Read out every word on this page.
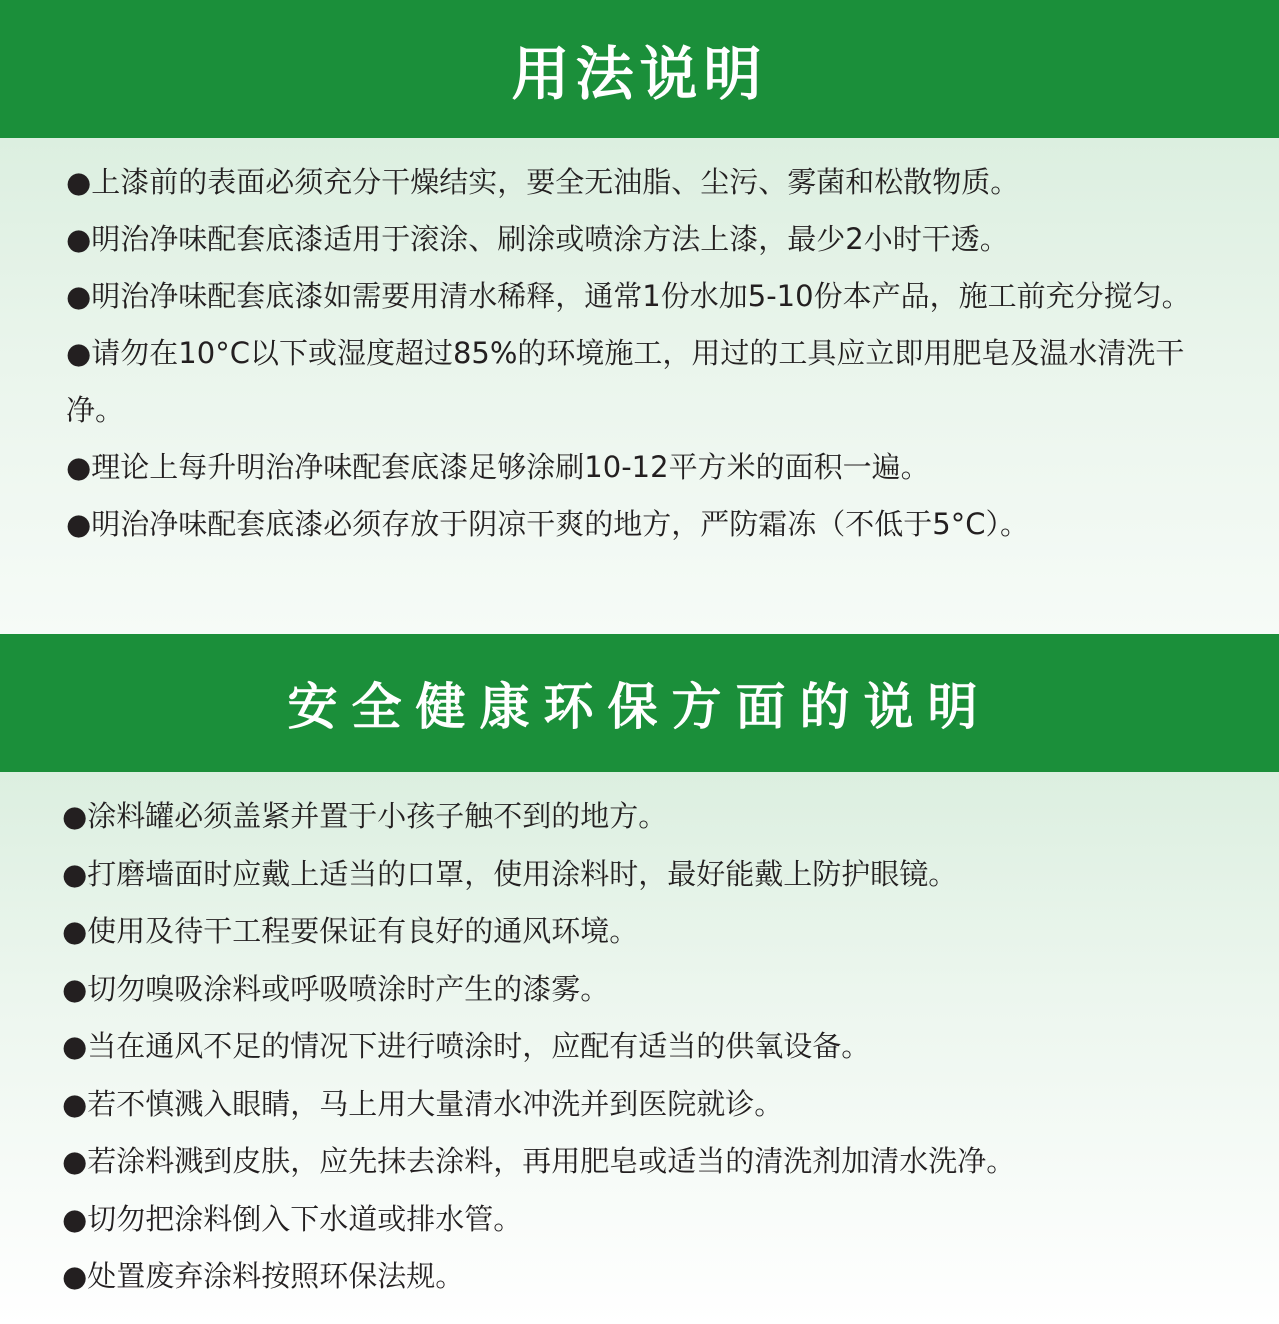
用法说明
●上漆前的表面必须充分干燥结实，要全无油脂、尘污、雾菌和松散物质。
●明治净味配套底漆适用于滚涂、刷涂或喷涂方法上漆，最少2小时干透。
●明治净味配套底漆如需要用清水稀释，通常1份水加5-10份本产品，施工前充分搅匀。
●请勿在10°C以下或湿度超过85%的环境施工，用过的工具应立即用肥皂及温水清洗干净。
●理论上每升明治净味配套底漆足够涂刷10-12平方米的面积一遍。
●明治净味配套底漆必须存放于阴凉干爽的地方，严防霜冻（不低于5°C）。
安全健康环保方面的说明
●涂料罐必须盖紧并置于小孩子触不到的地方。
●打磨墙面时应戴上适当的口罩，使用涂料时，最好能戴上防护眼镜。
●使用及待干工程要保证有良好的通风环境。
●切勿嗅吸涂料或呼吸喷涂时产生的漆雾。
●当在通风不足的情况下进行喷涂时，应配有适当的供氧设备。
●若不慎溅入眼睛，马上用大量清水冲洗并到医院就诊。
●若涂料溅到皮肤，应先抹去涂料，再用肥皂或适当的清洗剂加清水洗净。
●切勿把涂料倒入下水道或排水管。
●处置废弃涂料按照环保法规。
